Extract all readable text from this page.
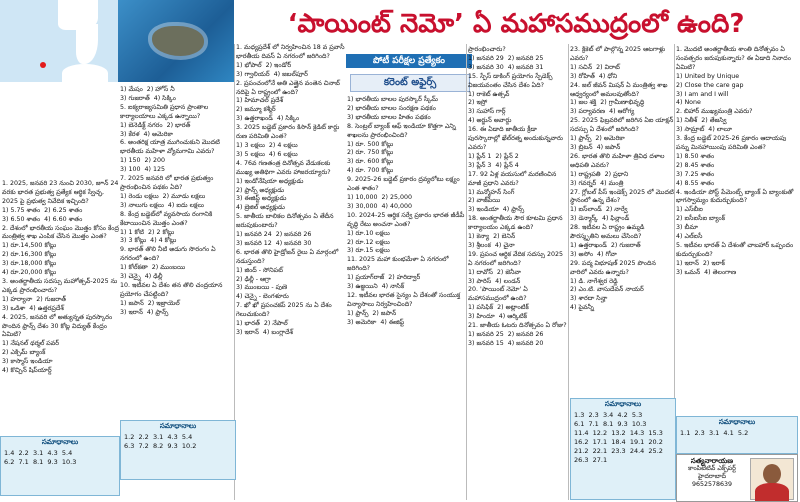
‘పాయింట్ నెమో’ ఏ మహాసముద్రంలో ఉంది?
పోటీ పరీక్షల ప్రత్యేకం
కరెంట్ అఫైర్స్
1. 2025, జనవరి 23 నుంచి 2030, జూన్ 24 వరకు భారత ప్రభుత్వ ప్రత్యేక ఆర్థిక స్వేచ్ఛ, 2025 పై ప్రభుత్వ నివేదిక ఇచ్చింది?
1) 5.75 శాతం  2) 6.25 శాతం
3) 6.50 శాతం  4) 6.60 శాతం
2. దేశంలో భారతీయ సంఘం మొత్తం కోసం కేంద్ర మంత్రిత్వ శాఖ ఎంపిక చేసిన మొత్తం ఎంత?
1) రూ.14,500 కోట్లు
2) రూ.16,300 కోట్లు
3) రూ.18,000 కోట్లు
4) రూ.20,000 కోట్లు
3. అంతర్జాతీయ సదస్సు మహోత్సవ్-2025 ను ఎక్కడ ప్రారంభించారు?
1) హర్యానా  2) గుజరాత్
3) ఒడిశా  4) ఉత్తరప్రదేశ్
4. 2025, జనవరి లో అత్యున్నత పురస్కారం పొందిన ఫ్రాన్స్ దేశం 30 కోట్ల విద్యుత్ కేంద్రం ఏమిటి?
1) నేషనల్ థర్మల్ పవర్
2) ఎక్సిమ్ బ్యాంక్
3) కాస్మాస్ ఇండియా
4) కొచ్చిన్ షిప్‌యార్డ్
1) మేషం  2) హోస్ నీ
3) గుజరాత్  4) సిక్కిం
5. ఐక్యరాజ్యసమితి ప్రధాన ప్రాంతాల కార్యాలయాలు ఎక్కడ ఉన్నాయి?
1) బెనెడిక్ట్ నగరం  2) భారత్
3) కేరళ  4) అమెరికా
6. అంతరిక్ష యాత్ర ముగించుకుని మొదటి భారతీయ మహిళా వ్యోమగామి ఎవరు?
1) 150  2) 200
3) 100  4) 125
7. 2025 జనవరి లో భారత ప్రభుత్వం ప్రారంభించిన పథకం ఏది?
1) రెండు లక్షలు  2) మూడు లక్షలు
3) నాలుగు లక్షలు  4) ఐదు లక్షలు
8. కేంద్ర బడ్జెట్‌లో వ్యవసాయ రంగానికి కేటాయించిన మొత్తం ఎంత?
1) 1 కోటి  2) 2 కోట్లు
3) 3 కోట్లు  4) 4 కోట్లు
9. భారత్ తొలి నీటి అడుగు సొరంగం ఏ నగరంలో ఉంది?
1) కోల్‌కతా  2) ముంబయి
3) చెన్నై  4) ఢిల్లీ
10. ఇటీవల ఏ దేశం తన తొలి చంద్రయాన ప్రయోగం చేపట్టింది?
1) జపాన్  2) ఇజ్రాయెల్
3) ఇరాన్  4) ఫ్రాన్స్
1. మధ్యప్రదేశ్ లో నిర్వహించిన 18 వ ప్రవాసీ భారతీయ దివస్ ఏ నగరంలో జరిగింది?
1) భోపాల్  2) ఇండోర్
3) గ్వాలియర్  4) జబల్‌పూర్
2. ప్రపంచంలోనే అతి ఎత్తైన వంతెన చినాబ్ నదిపై ఏ రాష్ట్రంలో ఉంది?
1) హిమాచల్ ప్రదేశ్
2) జమ్మూ కశ్మీర్
3) ఉత్తరాఖండ్  4) సిక్కిం
3. 2025 బడ్జెట్ ప్రకారం కిసాన్ క్రెడిట్ కార్డు రుణ పరిమితి ఎంత?
1) 3 లక్షలు  2) 4 లక్షలు
3) 5 లక్షలు  4) 6 లక్షలు
4. 76వ గణతంత్ర దినోత్సవ వేడుకలకు ముఖ్య అతిథిగా ఎవరు హాజరయ్యారు?
1) ఇండోనేషియా అధ్యక్షుడు
2) ఫ్రాన్స్ అధ్యక్షుడు
3) ఈజిప్ట్ అధ్యక్షుడు
4) బ్రెజిల్ అధ్యక్షుడు
5. జాతీయ బాలికల దినోత్సవం ఏ తేదీన జరుపుకుంటారు?
1) జనవరి 24  2) జనవరి 26
3) జనవరి 12  4) జనవరి 30
6. భారత తొలి హైడ్రోజన్ రైలు ఏ మార్గంలో నడుస్తుంది?
1) జింద్ - సోనిపట్
2) ఢిల్లీ - ఆగ్రా
3) ముంబయి - పుణె
4) చెన్నై - బెంగళూరు
7. ఖో ఖో ప్రపంచకప్ 2025 ను ఏ దేశం గెలుచుకుంది?
1) భారత్  2) నేపాల్
3) ఇరాన్  4) బంగ్లాదేశ్
1) భారతీయ బాలల పురస్కార్ స్కీమ్
2) భారతీయ బాలల సంరక్షణ పథకం
3) భారతీయ బాలల హితం పథకం
8. సెంట్రల్ బ్యాంక్ ఆఫ్ ఇండియా కొత్తగా ఎన్ని శాఖలను ప్రారంభించింది?
1) రూ. 500 కోట్లు
2) రూ. 750 కోట్లు
3) రూ. 600 కోట్లు
4) రూ. 700 కోట్లు
9. 2025-26 బడ్జెట్ ప్రకారం ద్రవ్యలోటు లక్ష్యం ఎంత శాతం?
1) 10,000  2) 25,000
3) 30,000  4) 40,000
10. 2024-25 ఆర్థిక సర్వే ప్రకారం భారత జీడీపీ వృద్ధి రేటు అంచనా ఎంత?
1) రూ.10 లక్షలు
2) రూ.12 లక్షలు
3) రూ.15 లక్షలు
11. 2025 మహా కుంభమేళా ఏ నగరంలో జరిగింది?
1) ప్రయాగ్‌రాజ్  2) హరిద్వార్
3) ఉజ్జయిని  4) నాసిక్
12. ఇటీవల భారత సైన్యం ఏ దేశంతో సంయుక్త విన్యాసాలు నిర్వహించింది?
1) ఫ్రాన్స్  2) జపాన్
3) అమెరికా  4) ఈజిప్ట్
ప్రారంభించారు?
1) జనవరి 29  2) జనవరి 25
3) జనవరి 30  4) జనవరి 31
15. స్పేస్ డాకింగ్ ప్రయోగం స్పేడెక్స్ విజయవంతం చేసిన దేశం ఏది?
1) రాకెట్ ఉత్సవ్
2) ఇస్రో
3) సుహాస్ గార్గ్
4) అర్జున్ అవార్డు
16. ఈ ఏడాది జాతీయ క్రీడా పురస్కారాల్లో ఖేల్‌రత్న అందుకున్నవారు ఎవరు?
1) ప్లేన్ 1  2) ప్లేన్ 2
3) ప్లేన్ 3  4) ప్లేన్ 4
17. 92 ఏళ్ల వయసులో మరణించిన మాజీ ప్రధాని ఎవరు?
1) మన్మోహన్ సింగ్
2) వాజ్‌పేయి
3) ఇండియా  4) ఫ్రాన్స్
18. అంతర్జాతీయ సౌర కూటమి ప్రధాన కార్యాలయం ఎక్కడ ఉంది?
1) కెన్యా  2) బెనిన్
3) శ్రీలంక  4) చైనా
19. ప్రపంచ ఆర్థిక వేదిక సదస్సు 2025 ఏ నగరంలో జరిగింది?
1) దావోస్  2) జెనీవా
3) పారిస్  4) లండన్
20. 'పాయింట్ నెమో' ఏ మహాసముద్రంలో ఉంది?
1) పసిఫిక్  2) అట్లాంటిక్
3) హిందూ  4) ఆర్కిటిక్
21. జాతీయ ఓటరు దినోత్సవం ఏ రోజు?
1) జనవరి 25  2) జనవరి 26
3) జనవరి 15  4) జనవరి 20
23. క్రికెట్ లో పాల్గొన్న 2025 ఆటగాళ్లు ఎవరు?
1) సచిన్  2) విరాట్
3) రోహిత్  4) ధోని
24. జల్ జీవన్ మిషన్ ఏ మంత్రిత్వ శాఖ ఆధ్వర్యంలో అమలవుతోంది?
1) జల శక్తి  2) గ్రామీణాభివృద్ధి
3) పర్యావరణ  4) ఆరోగ్య
25. 2025 ఫిబ్రవరిలో జరిగిన ఏఐ యాక్షన్ సదస్సు ఏ దేశంలో జరిగింది?
1) ఫ్రాన్స్  2) అమెరికా
3) బ్రిటన్  4) జపాన్
26. భారత తొలి మహిళా త్రివిధ దళాల అధిపతి ఎవరు?
1) రాష్ట్రపతి  2) ప్రధాని
3) గవర్నర్  4) మంత్రి
27. గ్లోబల్ పీస్ ఇండెక్స్ 2025 లో మొదటి స్థానంలో ఉన్న దేశం?
1) ఐస్‌లాండ్  2) నార్వే
3) డెన్మార్క్  4) ఫిన్లాండ్
28. ఇటీవల ఏ రాష్ట్రం ఉమ్మడి పౌరస్మృతిని అమలు చేసింది?
1) ఉత్తరాఖండ్  2) గుజరాత్
3) అసోం  4) గోవా
29. పద్మ విభూషణ్ 2025 పొందిన వారిలో ఎవరు ఉన్నారు?
1) డి. నాగేశ్వర రెడ్డి
2) ఎం.టి. వాసుదేవన్ నాయర్
3) శారదా సిన్హా
4) పైవన్నీ
1. మొదటి అంతర్జాతీయ శాంతి దినోత్సవం ఏ సంవత్సరం జరుపుకున్నారు? ఈ ఏడాది నినాదం ఏమిటి?
1) United by Unique
2) Close the care gap
3) I am and I will
4) None
2. బిహార్ ముఖ్యమంత్రి ఎవరు?
1) నితీశ్  2) తేజస్వి
3) సామ్రాట్  4) లాలూ
3. కేంద్ర బడ్జెట్ 2025-26 ప్రకారం ఆదాయపు పన్ను మినహాయింపు పరిమితి ఎంత?
1) 8.50 శాతం
2) 8.45 శాతం
3) 7.25 శాతం
4) 8.55 శాతం
4. ఇండియా పోస్ట్ పేమెంట్స్ బ్యాంక్ ఏ బ్యాంకుతో భాగస్వామ్యం కుదుర్చుకుంది?
1) ఎస్‌బీఐ
2) ఐసీఐసీఐ బ్యాంక్
3) బీమా
4) ఎల్‌ఐసీ
5. ఇటీవల భారత్ ఏ దేశంతో చాబహార్ ఒప్పందం కుదుర్చుకుంది?
1) ఇరాన్  2) ఇరాక్
3) ఒమన్  4) తెలంగాణ
సమాధానాలు
1.4  2.2  3.1  4.3  5.4
6.2  7.1  8.1  9.3  10.3
సమాధానాలు
1.2  2.2  3.1  4.3  5.4
6.3  7.2  8.2  9.3  10.2
సమాధానాలు
1.3  2.3  3.4  4.2  5.3
6.1  7.1  8.1  9.3  10.3
11.4  12.2  13.2  14.3  15.3
16.2  17.1  18.4  19.1  20.2
21.2  22.1  23.3  24.4  25.2
26.3  27.1
సమాధానాలు
1.1  2.3  3.1  4.1  5.2
సత్యనారాయణ
కాంపిటేటివ్ ఎక్స్‌పర్ట్
హైదరాబాద్
9652578639
